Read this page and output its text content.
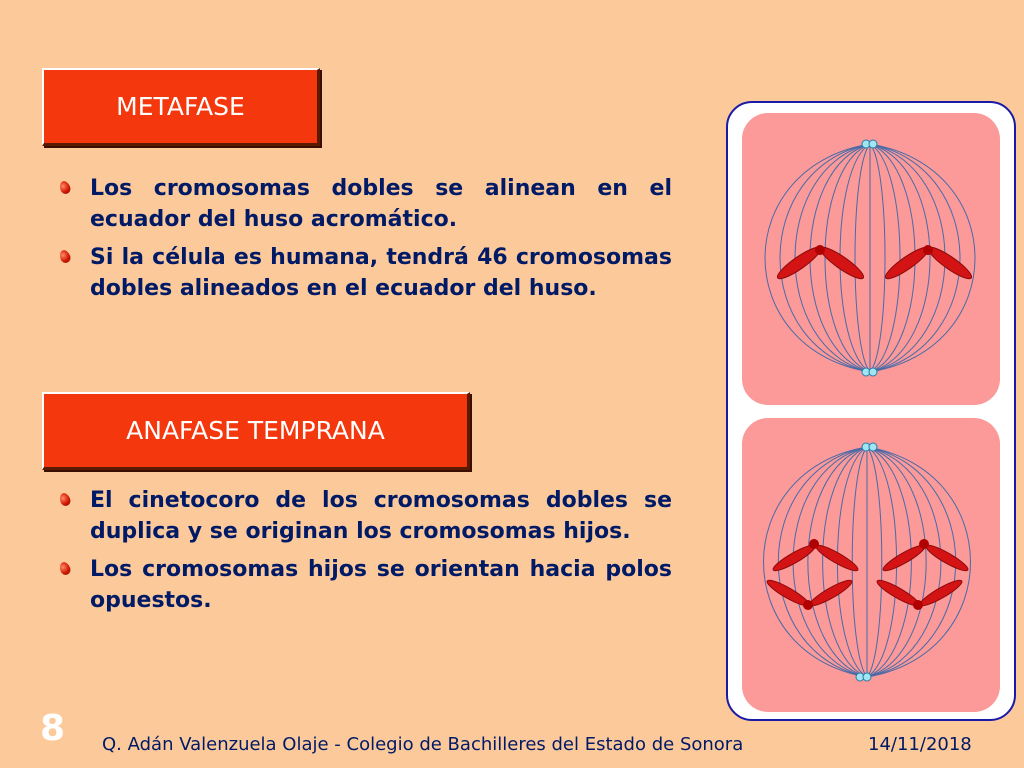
METAFASE
Los cromosomas dobles se alinean en el ecuador del huso acromático.
Si la célula es humana, tendrá 46 cromosomas dobles alineados en el ecuador del huso.
ANAFASE TEMPRANA
El cinetocoro de los cromosomas dobles se duplica y se originan los cromosomas hijos.
Los cromosomas hijos se orientan hacia polos opuestos.
8 Q. Adán Valenzuela Olaje - Colegio de Bachilleres del Estado de Sonora	14/11/2018
